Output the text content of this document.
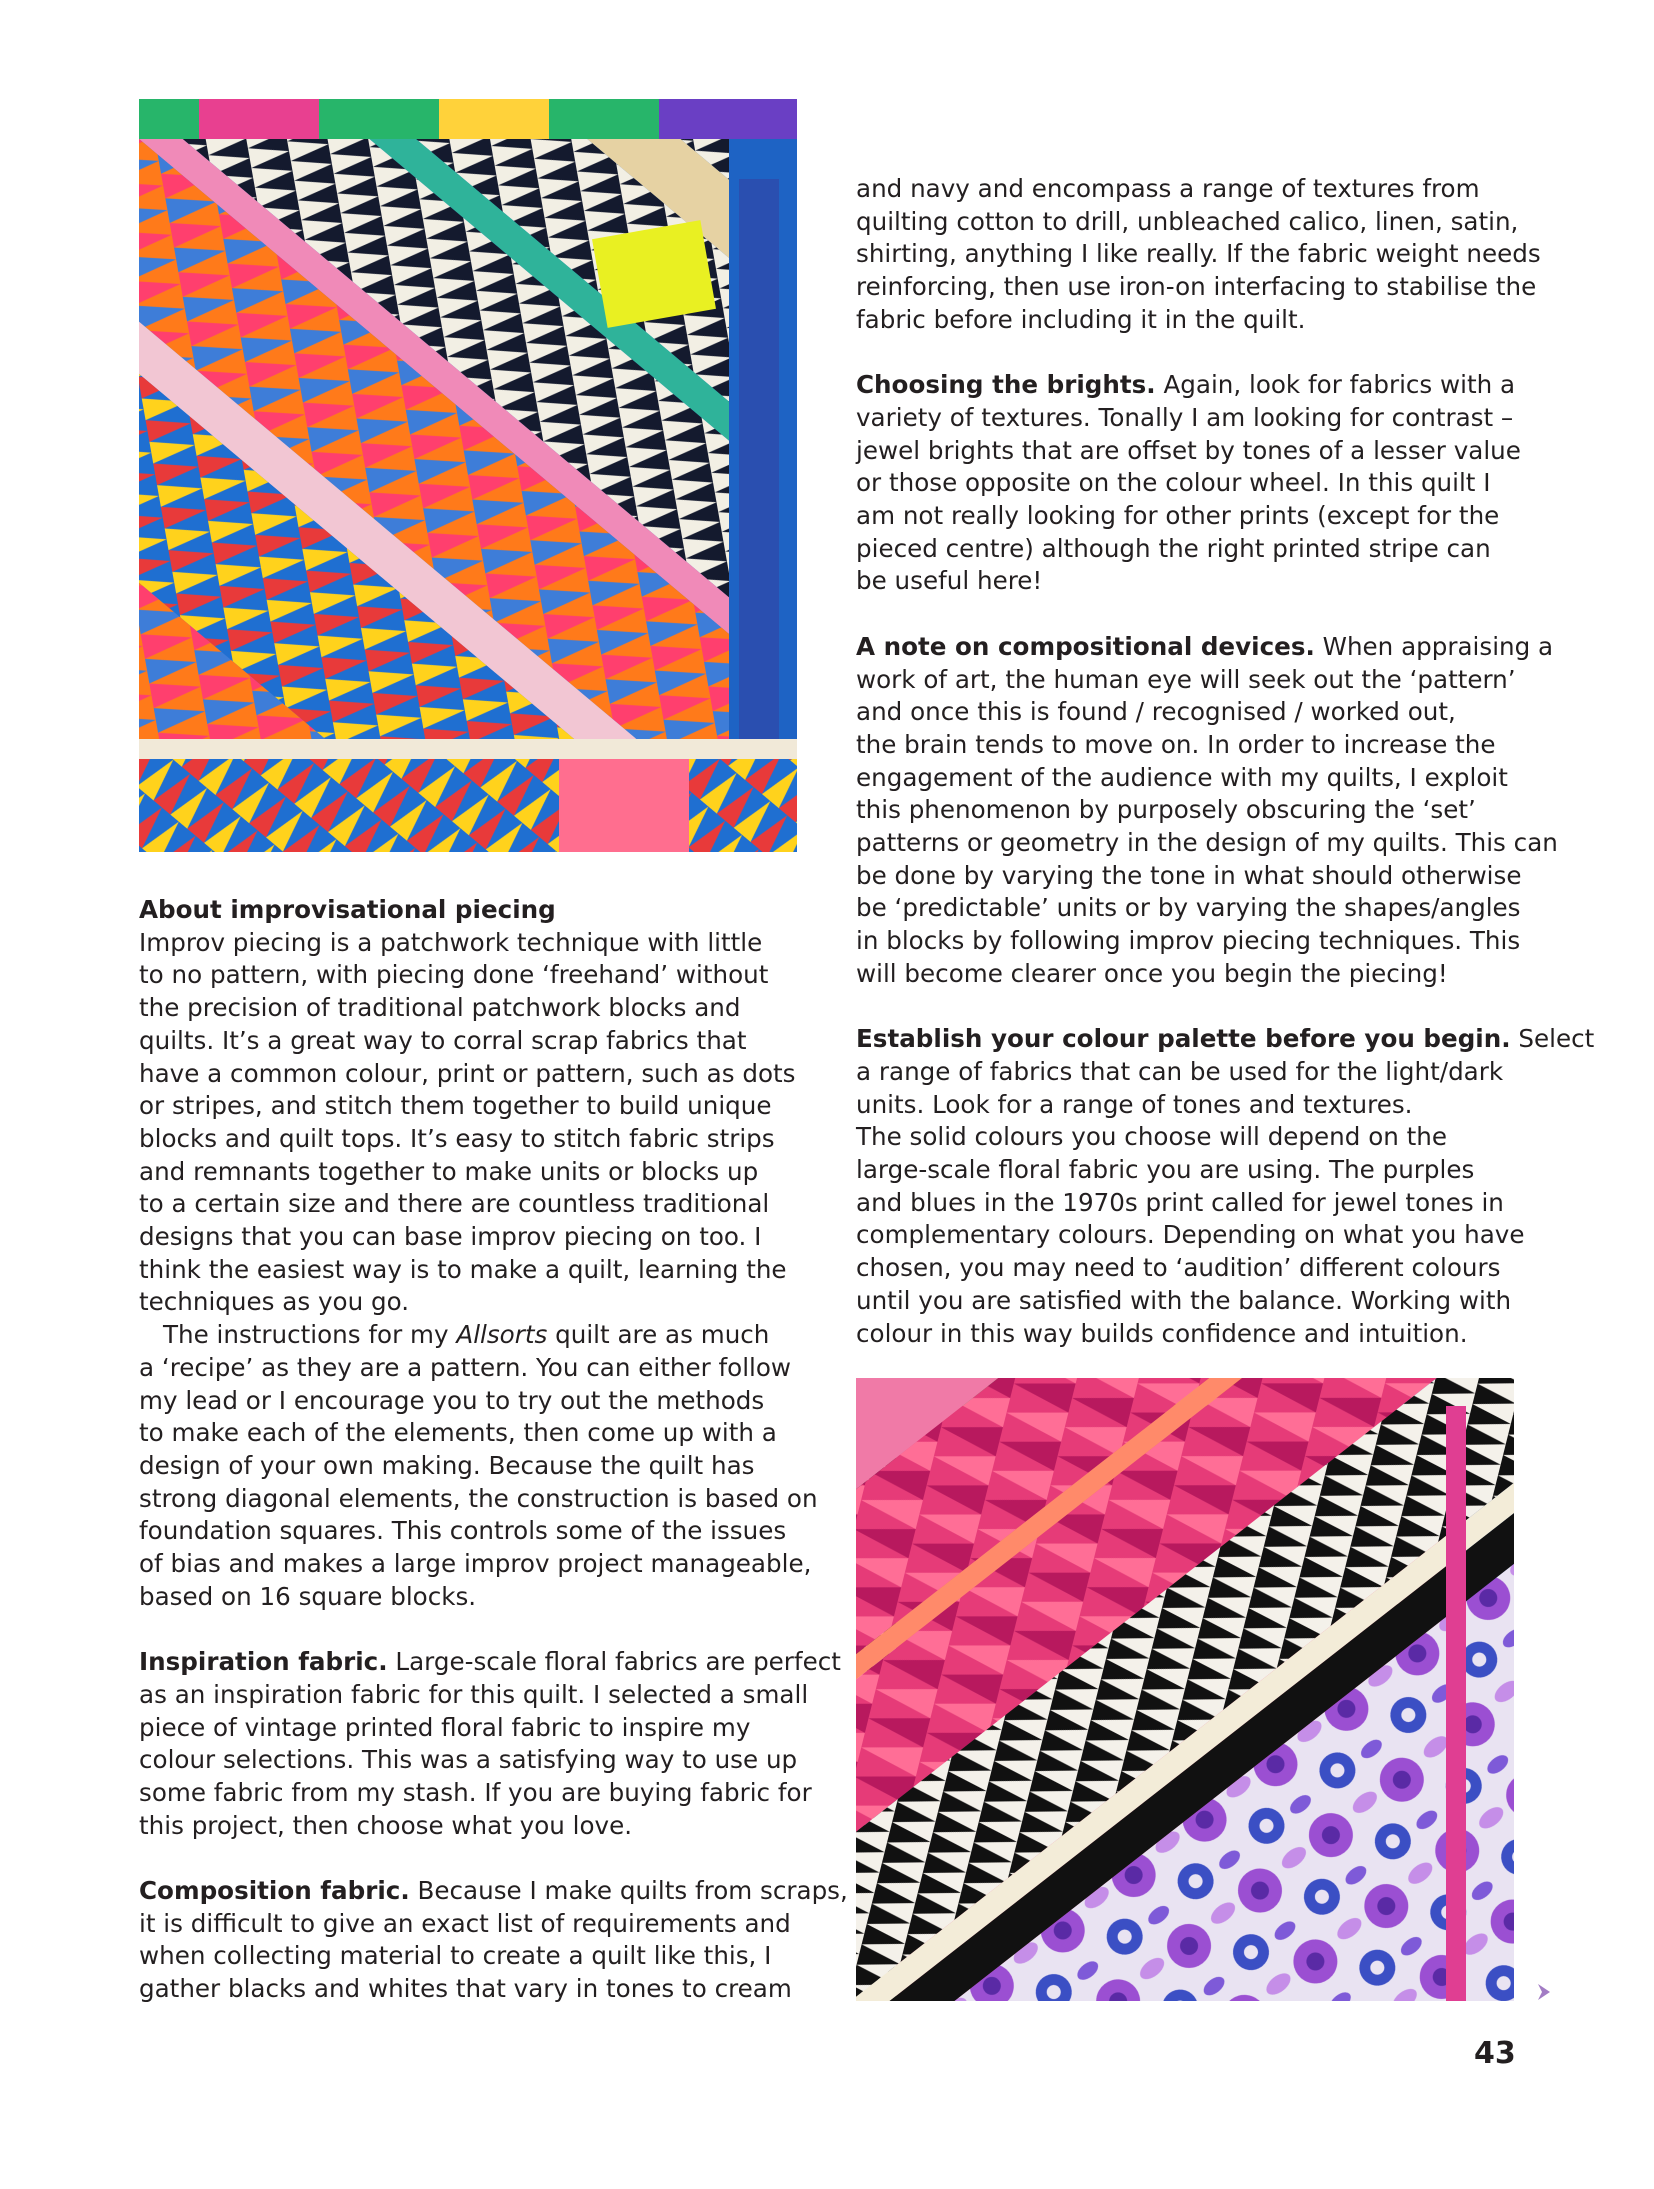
About improvisational piecing
Improv piecing is a patchwork technique with little
to no pattern, with piecing done ‘freehand’ without
the precision of traditional patchwork blocks and
quilts. It’s a great way to corral scrap fabrics that
have a common colour, print or pattern, such as dots
or stripes, and stitch them together to build unique
blocks and quilt tops. It’s easy to stitch fabric strips
and remnants together to make units or blocks up
to a certain size and there are countless traditional
designs that you can base improv piecing on too. I
think the easiest way is to make a quilt, learning the
techniques as you go.
The instructions for my Allsorts quilt are as much
a ‘recipe’ as they are a pattern. You can either follow
my lead or I encourage you to try out the methods
to make each of the elements, then come up with a
design of your own making. Because the quilt has
strong diagonal elements, the construction is based on
foundation squares. This controls some of the issues
of bias and makes a large improv project manageable,
based on 16 square blocks.
Inspiration fabric. Large-scale floral fabrics are perfect
as an inspiration fabric for this quilt. I selected a small
piece of vintage printed floral fabric to inspire my
colour selections. This was a satisfying way to use up
some fabric from my stash. If you are buying fabric for
this project, then choose what you love.
Composition fabric. Because I make quilts from scraps,
it is difficult to give an exact list of requirements and
when collecting material to create a quilt like this, I
gather blacks and whites that vary in tones to cream
and navy and encompass a range of textures from
quilting cotton to drill, unbleached calico, linen, satin,
shirting, anything I like really. If the fabric weight needs
reinforcing, then use iron-on interfacing to stabilise the
fabric before including it in the quilt.
Choosing the brights. Again, look for fabrics with a
variety of textures. Tonally I am looking for contrast –
jewel brights that are offset by tones of a lesser value
or those opposite on the colour wheel. In this quilt I
am not really looking for other prints (except for the
pieced centre) although the right printed stripe can
be useful here!
A note on compositional devices. When appraising a
work of art, the human eye will seek out the ‘pattern’
and once this is found / recognised / worked out,
the brain tends to move on. In order to increase the
engagement of the audience with my quilts, I exploit
this phenomenon by purposely obscuring the ‘set’
patterns or geometry in the design of my quilts. This can
be done by varying the tone in what should otherwise
be ‘predictable’ units or by varying the shapes/angles
in blocks by following improv piecing techniques. This
will become clearer once you begin the piecing!
Establish your colour palette before you begin. Select
a range of fabrics that can be used for the light/dark
units. Look for a range of tones and textures.
The solid colours you choose will depend on the
large-scale floral fabric you are using. The purples
and blues in the 1970s print called for jewel tones in
complementary colours. Depending on what you have
chosen, you may need to ‘audition’ different colours
until you are satisfied with the balance. Working with
colour in this way builds confidence and intuition.
43
